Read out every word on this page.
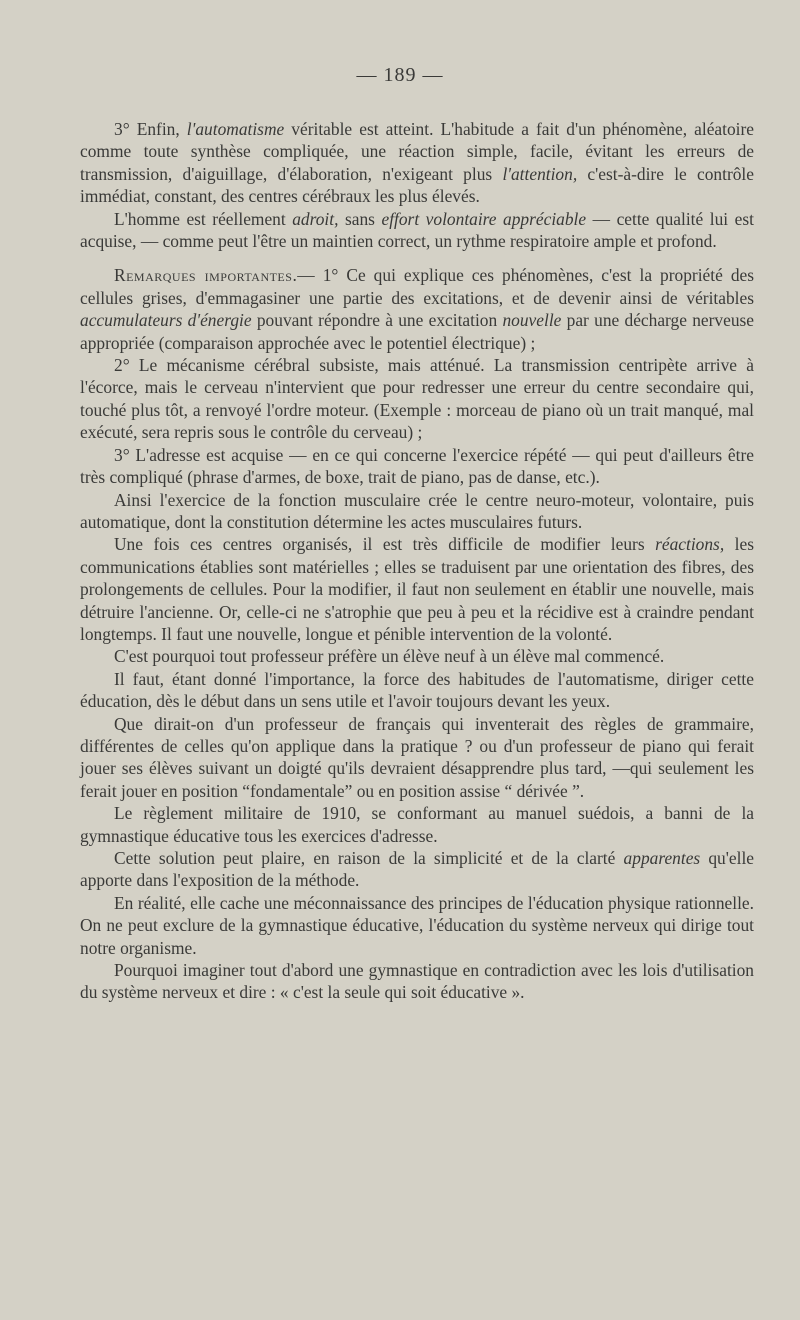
— 189 —

3° Enfin, l'automatisme véritable est atteint. L'habitude a fait d'un phénomène, aléatoire comme toute synthèse compliquée, une réaction simple, facile, évitant les erreurs de transmission, d'aiguillage, d'élaboration, n'exigeant plus l'attention, c'est-à-dire le contrôle immédiat, constant, des centres cérébraux les plus élevés.

L'homme est réellement adroit, sans effort volontaire appréciable — cette qualité lui est acquise, — comme peut l'être un maintien correct, un rythme respiratoire ample et profond.

Remarques importantes.— 1° Ce qui explique ces phénomènes, c'est la propriété des cellules grises, d'emmagasiner une partie des excitations, et de devenir ainsi de véritables accumulateurs d'énergie pouvant répondre à une excitation nouvelle par une décharge nerveuse appropriée (comparaison approchée avec le potentiel électrique) ;

2° Le mécanisme cérébral subsiste, mais atténué. La transmission centripète arrive à l'écorce, mais le cerveau n'intervient que pour redresser une erreur du centre secondaire qui, touché plus tôt, a renvoyé l'ordre moteur. (Exemple : morceau de piano où un trait manqué, mal exécuté, sera repris sous le contrôle du cerveau) ;

3° L'adresse est acquise — en ce qui concerne l'exercice répété — qui peut d'ailleurs être très compliqué (phrase d'armes, de boxe, trait de piano, pas de danse, etc.).

Ainsi l'exercice de la fonction musculaire crée le centre neuro-moteur, volontaire, puis automatique, dont la constitution détermine les actes musculaires futurs.

Une fois ces centres organisés, il est très difficile de modifier leurs réactions, les communications établies sont matérielles ; elles se traduisent par une orientation des fibres, des prolongements de cellules. Pour la modifier, il faut non seulement en établir une nouvelle, mais détruire l'ancienne. Or, celle-ci ne s'atrophie que peu à peu et la récidive est à craindre pendant longtemps. Il faut une nouvelle, longue et pénible intervention de la volonté.

C'est pourquoi tout professeur préfère un élève neuf à un élève mal commencé.

Il faut, étant donné l'importance, la force des habitudes de l'automatisme, diriger cette éducation, dès le début dans un sens utile et l'avoir toujours devant les yeux.

Que dirait-on d'un professeur de français qui inventerait des règles de grammaire, différentes de celles qu'on applique dans la pratique ? ou d'un professeur de piano qui ferait jouer ses élèves suivant un doigté qu'ils devraient désapprendre plus tard, —qui seulement les ferait jouer en position “fondamentale” ou en position assise “ dérivée ”.

Le règlement militaire de 1910, se conformant au manuel suédois, a banni de la gymnastique éducative tous les exercices d'adresse.

Cette solution peut plaire, en raison de la simplicité et de la clarté apparentes qu'elle apporte dans l'exposition de la méthode.

En réalité, elle cache une méconnaissance des principes de l'éducation physique rationnelle. On ne peut exclure de la gymnastique éducative, l'éducation du système nerveux qui dirige tout notre organisme.

Pourquoi imaginer tout d'abord une gymnastique en contradiction avec les lois d'utilisation du système nerveux et dire : « c'est la seule qui soit éducative ».
